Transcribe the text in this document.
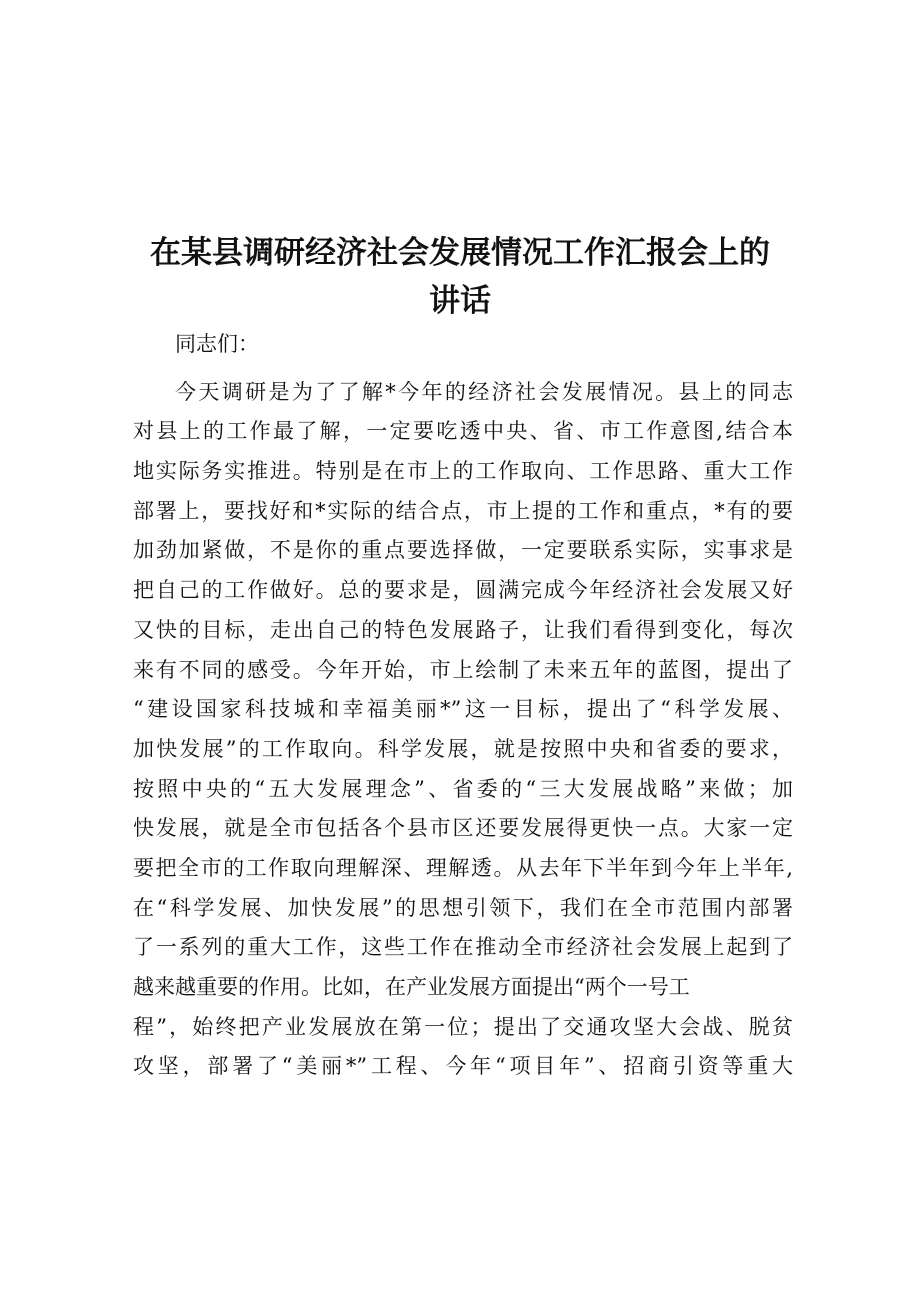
在某县调研经济社会发展情况工作汇报会上的
讲话
同志们：
今天调研是为了了解*今年的经济社会发展情况。县上的同志
对县上的工作最了解，一定要吃透中央、省、市工作意图,结合本
地实际务实推进。特别是在市上的工作取向、工作思路、重大工作
部署上，要找好和*实际的结合点，市上提的工作和重点，*有的要
加劲加紧做，不是你的重点要选择做，一定要联系实际，实事求是
把自己的工作做好。总的要求是，圆满完成今年经济社会发展又好
又快的目标，走出自己的特色发展路子，让我们看得到变化，每次
来有不同的感受。今年开始，市上绘制了未来五年的蓝图，提出了
“建设国家科技城和幸福美丽*”这一目标，提出了“科学发展、
加快发展”的工作取向。科学发展，就是按照中央和省委的要求，
按照中央的“五大发展理念”、省委的“三大发展战略”来做；加
快发展，就是全市包括各个县市区还要发展得更快一点。大家一定
要把全市的工作取向理解深、理解透。从去年下半年到今年上半年,
在“科学发展、加快发展”的思想引领下，我们在全市范围内部署
了一系列的重大工作，这些工作在推动全市经济社会发展上起到了
越来越重要的作用。比如，在产业发展方面提出“两个一号工
程”，始终把产业发展放在第一位；提出了交通攻坚大会战、脱贫
攻坚，部署了“美丽*”工程、今年“项目年”、招商引资等重大
